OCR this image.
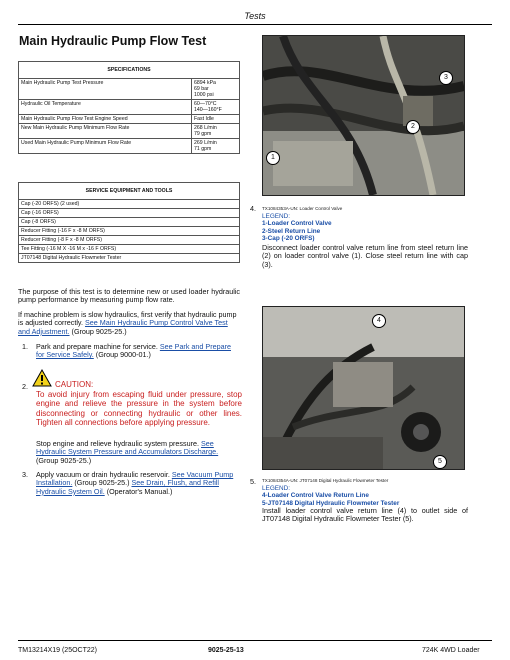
Tests
Main Hydraulic Pump Flow Test
SPECIFICATIONS	
Main Hydraulic Pump Test Pressure	6894 kPa
69 bar
1000 psi

Hydraulic Oil Temperature	60—70°C
140—160°F

Main Hydraulic Pump Flow Test Engine Speed	Fast Idle

New Main Hydraulic Pump Minimum Flow Rate	268 L/min
79 gpm

Used Main Hydraulic Pump Minimum Flow Rate	269 L/min
71 gpm
SERVICE EQUIPMENT AND TOOLS
Cap (-20 ORFS) (2 used)
Cap (-16 ORFS)
Cap (-8 ORFS)
Reducer Fitting (-16 F x -8 M ORFS)
Reducer Fitting (-8 F x -8 M ORFS)
Tee Fitting (-16 M X -16 M x -16 F ORFS)
JT07148 Digital Hydraulic Flowmeter Tester
The purpose of this test is to determine new or used loader hydraulic pump performance by measuring pump flow rate.
If machine problem is slow hydraulics, first verify that hydraulic pump is adjusted correctly. See Main Hydraulic Pump Control Valve Test and Adjustment. (Group 9025-25.)
1. Park and prepare machine for service. See Park and Prepare for Service Safely. (Group 9000-01.)
2.	CAUTION:
To avoid injury from escaping fluid under pressure, stop engine and relieve the pressure in the system before disconnecting or connecting hydraulic or other lines. Tighten all connections before applying pressure.
Stop engine and relieve hydraulic system pressure. See Hydraulic System Pressure and Accumulators Discharge. (Group 9025-25.)
3. Apply vacuum or drain hydraulic reservoir. See Vacuum Pump Installation. (Group 9025-25.) See Drain, Flush, and Refill Hydraulic System Oil. (Operator's Manual.)
3
2
1
4. TX1084353A-UN: Loader Control Valve
LEGEND:
1-Loader Control Valve
2-Steel Return Line
3-Cap (-20 ORFS)
Disconnect loader control valve return line from steel return line (2) on loader control valve (1). Close steel return line with cap (3).
4
5
5. TX1084354A-UN: JT07148 Digital Hydraulic Flowmeter Tester
LEGEND:
4-Loader Control Valve Return Line
5-JT07148 Digital Hydraulic Flowmeter Tester
Install loader control valve return line (4) to outlet side of JT07148 Digital Hydraulic Flowmeter Tester (5).
TM13214X19 (25OCT22)	9025-25-13	724K 4WD Loader
